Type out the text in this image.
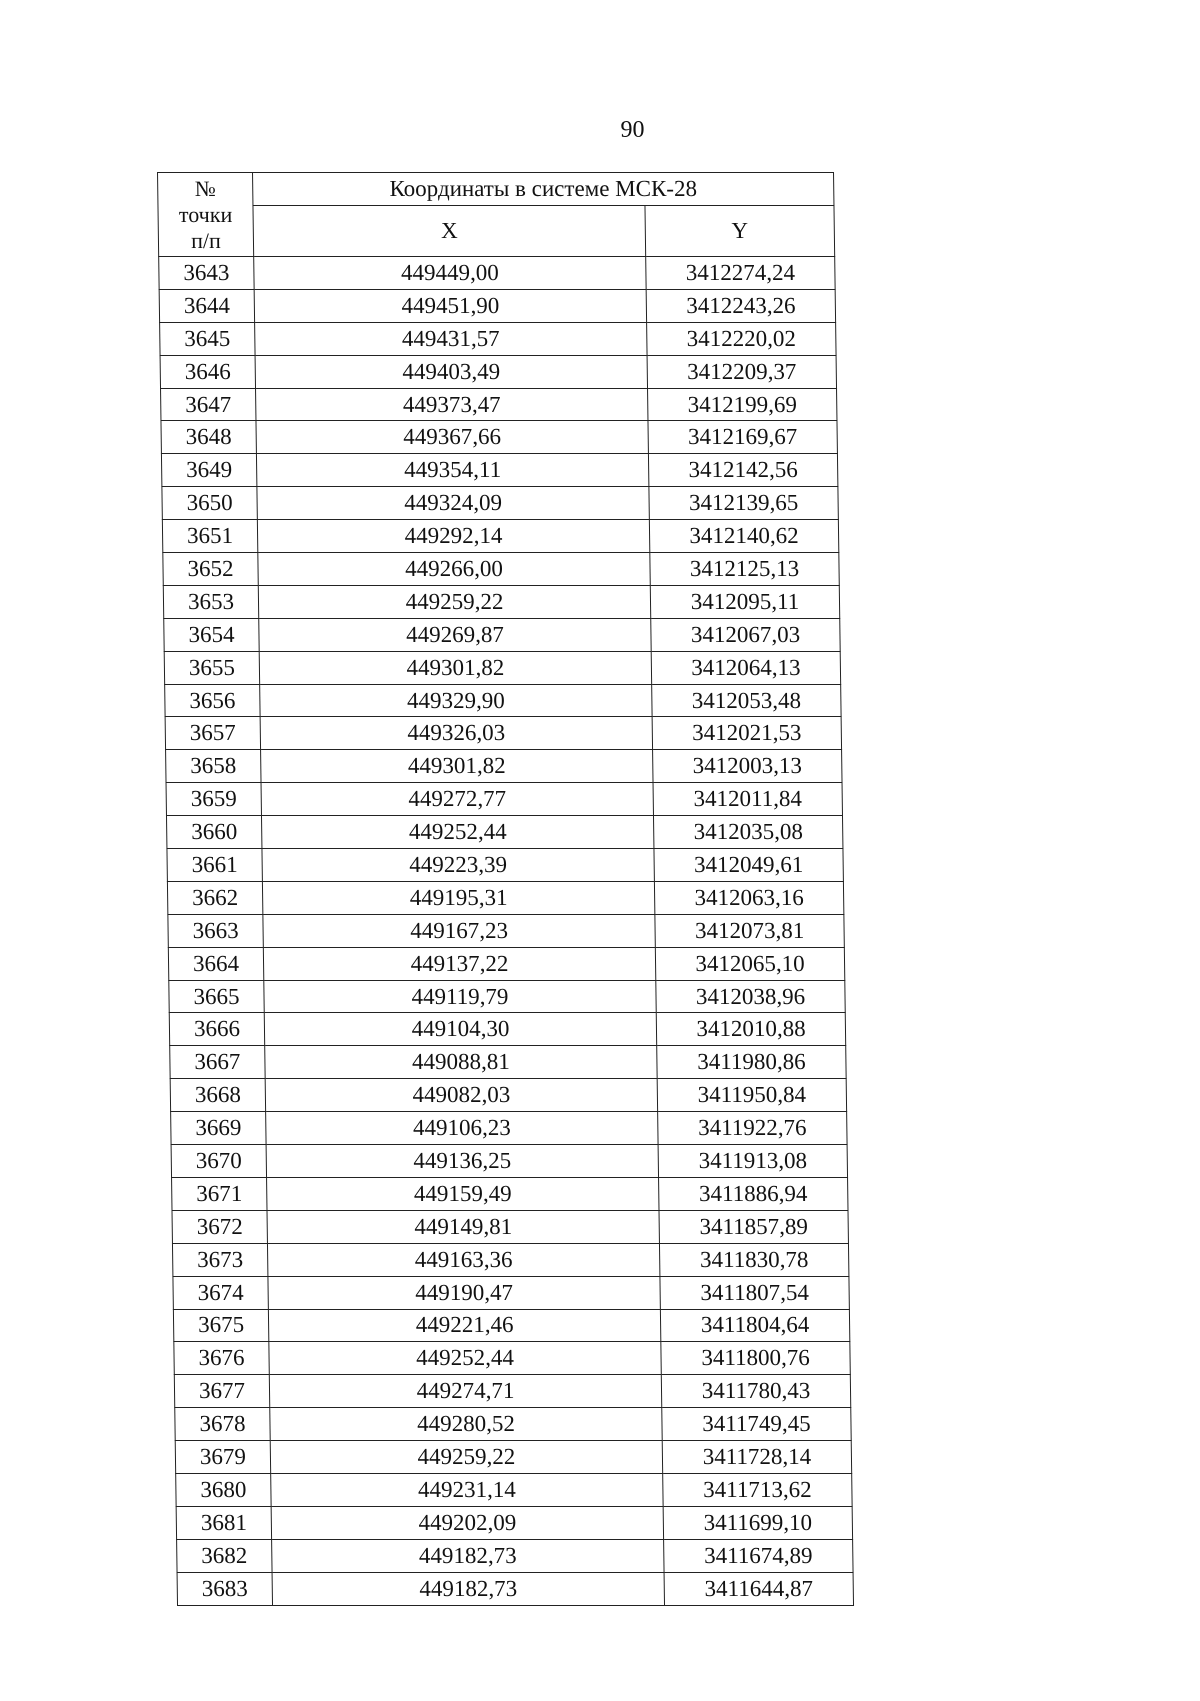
90
№
точки
п/п	Координаты в системе МСК-28	
	X	Y
3643	449449,00	3412274,24
3644	449451,90	3412243,26
3645	449431,57	3412220,02
3646	449403,49	3412209,37
3647	449373,47	3412199,69
3648	449367,66	3412169,67
3649	449354,11	3412142,56
3650	449324,09	3412139,65
3651	449292,14	3412140,62
3652	449266,00	3412125,13
3653	449259,22	3412095,11
3654	449269,87	3412067,03
3655	449301,82	3412064,13
3656	449329,90	3412053,48
3657	449326,03	3412021,53
3658	449301,82	3412003,13
3659	449272,77	3412011,84
3660	449252,44	3412035,08
3661	449223,39	3412049,61
3662	449195,31	3412063,16
3663	449167,23	3412073,81
3664	449137,22	3412065,10
3665	449119,79	3412038,96
3666	449104,30	3412010,88
3667	449088,81	3411980,86
3668	449082,03	3411950,84
3669	449106,23	3411922,76
3670	449136,25	3411913,08
3671	449159,49	3411886,94
3672	449149,81	3411857,89
3673	449163,36	3411830,78
3674	449190,47	3411807,54
3675	449221,46	3411804,64
3676	449252,44	3411800,76
3677	449274,71	3411780,43
3678	449280,52	3411749,45
3679	449259,22	3411728,14
3680	449231,14	3411713,62
3681	449202,09	3411699,10
3682	449182,73	3411674,89
3683	449182,73	3411644,87
